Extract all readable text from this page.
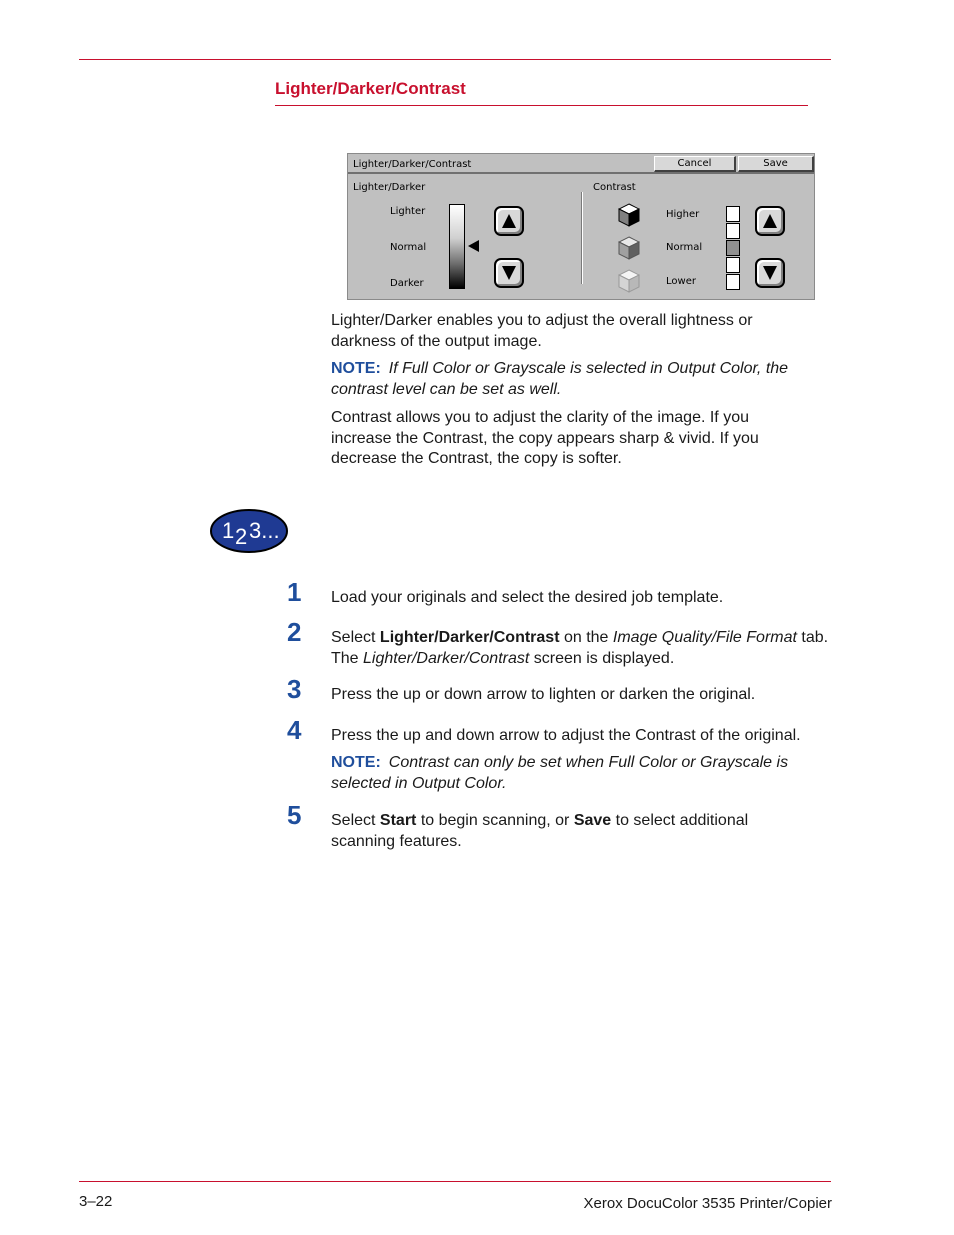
Lighter/Darker/Contrast
Lighter/Darker/Contrast	Cancel	Save
Lighter/Darker
Lighter
Normal
Darker
Contrast
Higher
Normal
Lower
Lighter/Darker enables you to adjust the overall lightness or darkness of the output image.
NOTE: If Full Color or Grayscale is selected in Output Color, the contrast level can be set as well.
Contrast allows you to adjust the clarity of the image. If you increase the Contrast, the copy appears sharp & vivid. If you decrease the Contrast, the copy is softer.
1 2 3...
1 Load your originals and select the desired job template.
2 Select Lighter/Darker/Contrast on the Image Quality/File Format tab. The Lighter/Darker/Contrast screen is displayed.
3 Press the up or down arrow to lighten or darken the original.
4 Press the up and down arrow to adjust the Contrast of the original.
NOTE: Contrast can only be set when Full Color or Grayscale is selected in Output Color.
5 Select Start to begin scanning, or Save to select additional scanning features.
3–22	Xerox DocuColor 3535 Printer/Copier
